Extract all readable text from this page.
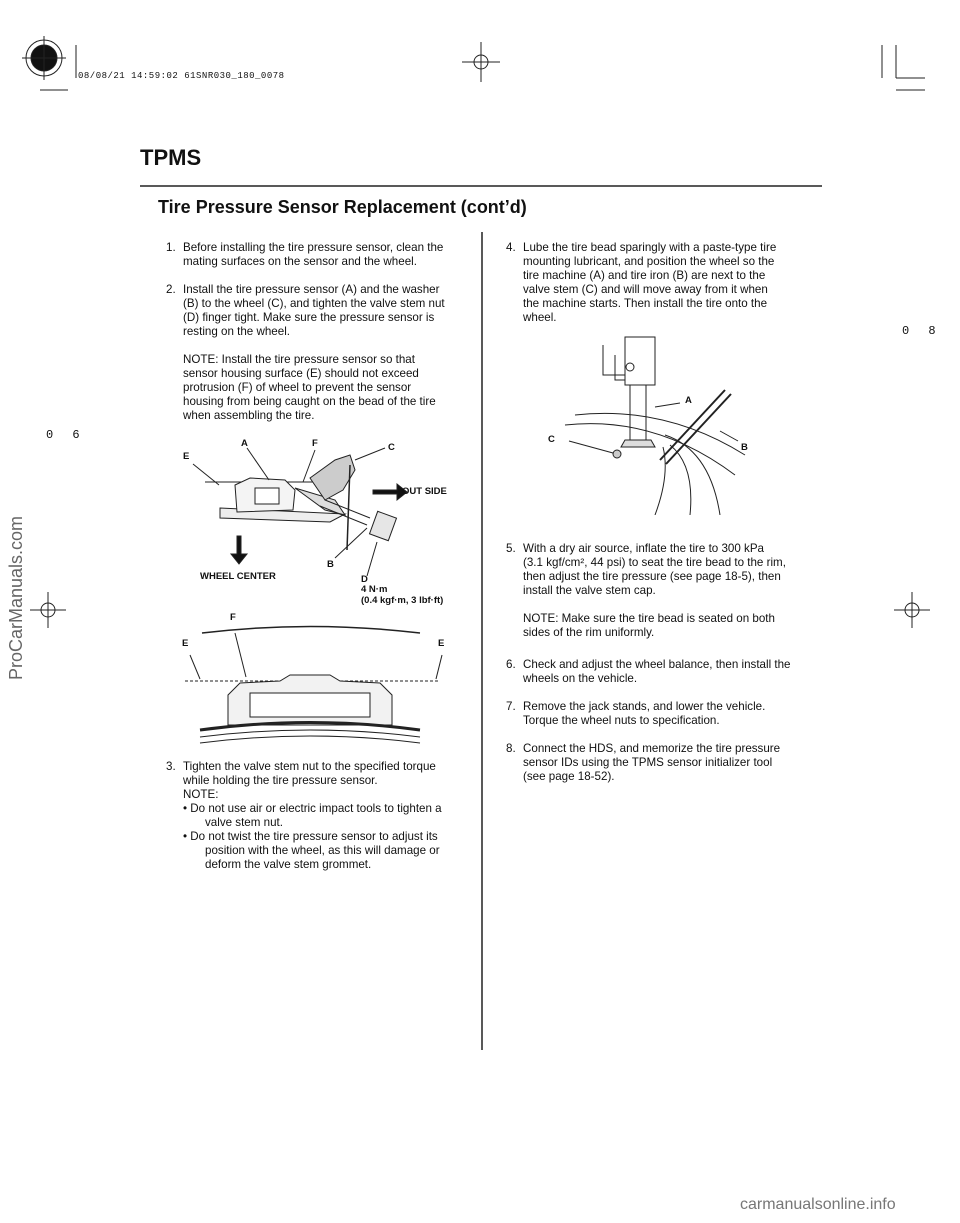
08/08/21 14:59:02 61SNR030_180_0078
TPMS
Tire Pressure Sensor Replacement (cont’d)
0 8
0 6
1. Before installing the tire pressure sensor, clean the

mating surfaces on the sensor and the wheel.

2. Install the tire pressure sensor (A) and the washer

(B) to the wheel (C), and tighten the valve stem nut

(D) finger tight. Make sure the pressure sensor is

resting on the wheel.

NOTE: Install the tire pressure sensor so that

sensor housing surface (E) should not exceed

protrusion (F) of wheel to prevent the sensor

housing from being caught on the bead of the tire

when assembling the tire.

E
A	F	C
OUT SIDE
B
WHEEL CENTER	D
4 N·m
(0.4 kgf·m, 3 lbf·ft)
F
E	E
3. Tighten the valve stem nut to the specified torque

while holding the tire pressure sensor.

NOTE:

• Do not use air or electric impact tools to tighten a
valve stem nut.
• Do not twist the tire pressure sensor to adjust its
position with the wheel, as this will damage or
deform the valve stem grommet.
4. Lube the tire bead sparingly with a paste-type tire

mounting lubricant, and position the wheel so the

tire machine (A) and tire iron (B) are next to the

valve stem (C) and will move away from it when

the machine starts. Then install the tire onto the

wheel.

A
C
B
5. With a dry air source, inflate the tire to 300 kPa

(3.1 kgf/cm², 44 psi) to seat the tire bead to the rim,

then adjust the tire pressure (see page 18-5), then

install the valve stem cap.

NOTE: Make sure the tire bead is seated on both

sides of the rim uniformly.

6. Check and adjust the wheel balance, then install the

wheels on the vehicle.

7. Remove the jack stands, and lower the vehicle.

Torque the wheel nuts to specification.

8. Connect the HDS, and memorize the tire pressure

sensor IDs using the TPMS sensor initializer tool

(see page 18-52).

ProCarManuals.com
carmanualsonline.info
